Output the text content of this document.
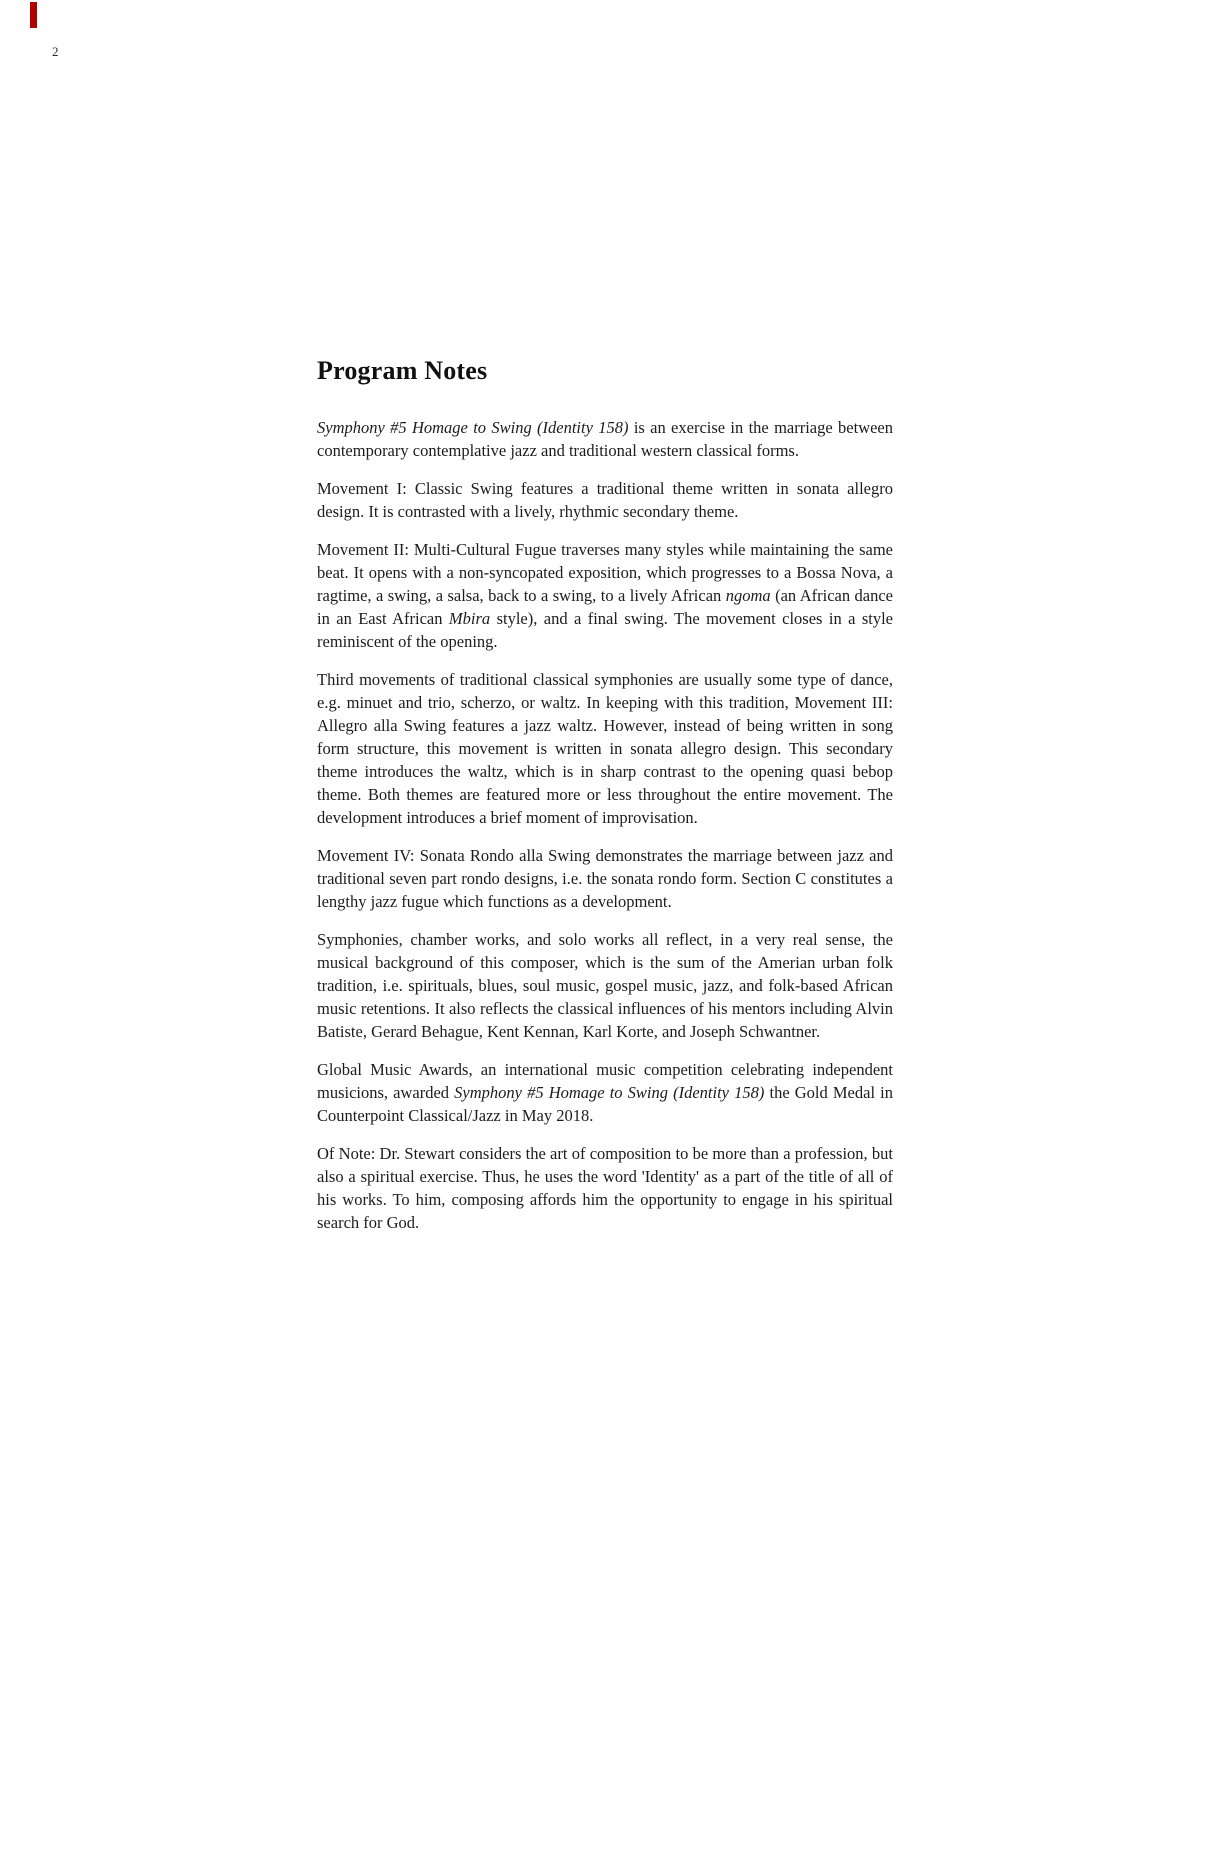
2
Program Notes

Symphony #5 Homage to Swing (Identity 158) is an exercise in the marriage between contemporary contemplative jazz and traditional western classical forms.

Movement I: Classic Swing features a traditional theme written in sonata allegro design. It is contrasted with a lively, rhythmic secondary theme.

Movement II: Multi-Cultural Fugue traverses many styles while maintaining the same beat. It opens with a non-syncopated exposition, which progresses to a Bossa Nova, a ragtime, a swing, a salsa, back to a swing, to a lively African ngoma (an African dance in an East African Mbira style), and a final swing. The movement closes in a style reminiscent of the opening.

Third movements of traditional classical symphonies are usually some type of dance, e.g. minuet and trio, scherzo, or waltz. In keeping with this tradition, Movement III: Allegro alla Swing features a jazz waltz. However, instead of being written in song form structure, this movement is written in sonata allegro design. This secondary theme introduces the waltz, which is in sharp contrast to the opening quasi bebop theme. Both themes are featured more or less throughout the entire movement. The development introduces a brief moment of improvisation.

Movement IV: Sonata Rondo alla Swing demonstrates the marriage between jazz and traditional seven part rondo designs, i.e. the sonata rondo form. Section C constitutes a lengthy jazz fugue which functions as a development.

Symphonies, chamber works, and solo works all reflect, in a very real sense, the musical background of this composer, which is the sum of the Amerian urban folk tradition, i.e. spirituals, blues, soul music, gospel music, jazz, and folk-based African music retentions. It also reflects the classical influences of his mentors including Alvin Batiste, Gerard Behague, Kent Kennan, Karl Korte, and Joseph Schwantner.

Global Music Awards, an international music competition celebrating independent musicions, awarded Symphony #5 Homage to Swing (Identity 158) the Gold Medal in Counterpoint Classical/Jazz in May 2018.

Of Note: Dr. Stewart considers the art of composition to be more than a profession, but also a spiritual exercise. Thus, he uses the word 'Identity' as a part of the title of all of his works. To him, composing affords him the opportunity to engage in his spiritual search for God.
